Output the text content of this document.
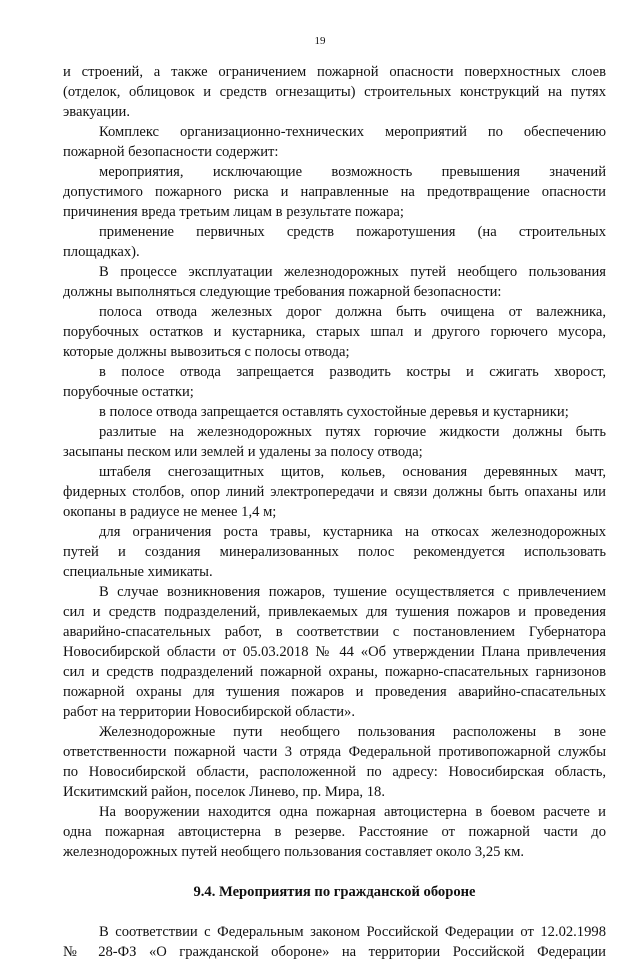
19
и строений, а также ограничением пожарной опасности поверхностных слоев
(отделок, облицовок и средств огнезащиты) строительных конструкций на путях
эвакуации.
Комплекс организационно-технических мероприятий по обеспечению
пожарной безопасности содержит:
мероприятия, исключающие возможность превышения значений
допустимого пожарного риска и направленные на предотвращение опасности
причинения вреда третьим лицам в результате пожара;
применение первичных средств пожаротушения (на строительных
площадках).
В процессе эксплуатации железнодорожных путей необщего пользования
должны выполняться следующие требования пожарной безопасности:
полоса отвода железных дорог должна быть очищена от валежника,
порубочных остатков и кустарника, старых шпал и другого горючего мусора,
которые должны вывозиться с полосы отвода;
в полосе отвода запрещается разводить костры и сжигать хворост,
порубочные остатки;
в полосе отвода запрещается оставлять сухостойные деревья и кустарники;
разлитые на железнодорожных путях горючие жидкости должны быть
засыпаны песком или землей и удалены за полосу отвода;
штабеля снегозащитных щитов, кольев, основания деревянных мачт,
фидерных столбов, опор линий электропередачи и связи должны быть опаханы или
окопаны в радиусе не менее 1,4 м;
для ограничения роста травы, кустарника на откосах железнодорожных
путей и создания минерализованных полос рекомендуется использовать
специальные химикаты.
В случае возникновения пожаров, тушение осуществляется с привлечением
сил и средств подразделений, привлекаемых для тушения пожаров и проведения
аварийно-спасательных работ, в соответствии с постановлением Губернатора
Новосибирской области от 05.03.2018 № 44 «Об утверждении Плана привлечения
сил и средств подразделений пожарной охраны, пожарно-спасательных гарнизонов
пожарной охраны для тушения пожаров и проведения аварийно-спасательных
работ на территории Новосибирской области».
Железнодорожные пути необщего пользования расположены в зоне
ответственности пожарной части 3 отряда Федеральной противопожарной службы
по Новосибирской области, расположенной по адресу: Новосибирская область,
Искитимский район, поселок Линево, пр. Мира, 18.
На вооружении находится одна пожарная автоцистерна в боевом расчете и
одна пожарная автоцистерна в резерве. Расстояние от пожарной части до
железнодорожных путей необщего пользования составляет около 3,25 км.
9.4. Мероприятия по гражданской обороне
В соответствии с Федеральным законом Российской Федерации от 12.02.1998
№ 28-ФЗ «О гражданской обороне» на территории Российской Федерации
